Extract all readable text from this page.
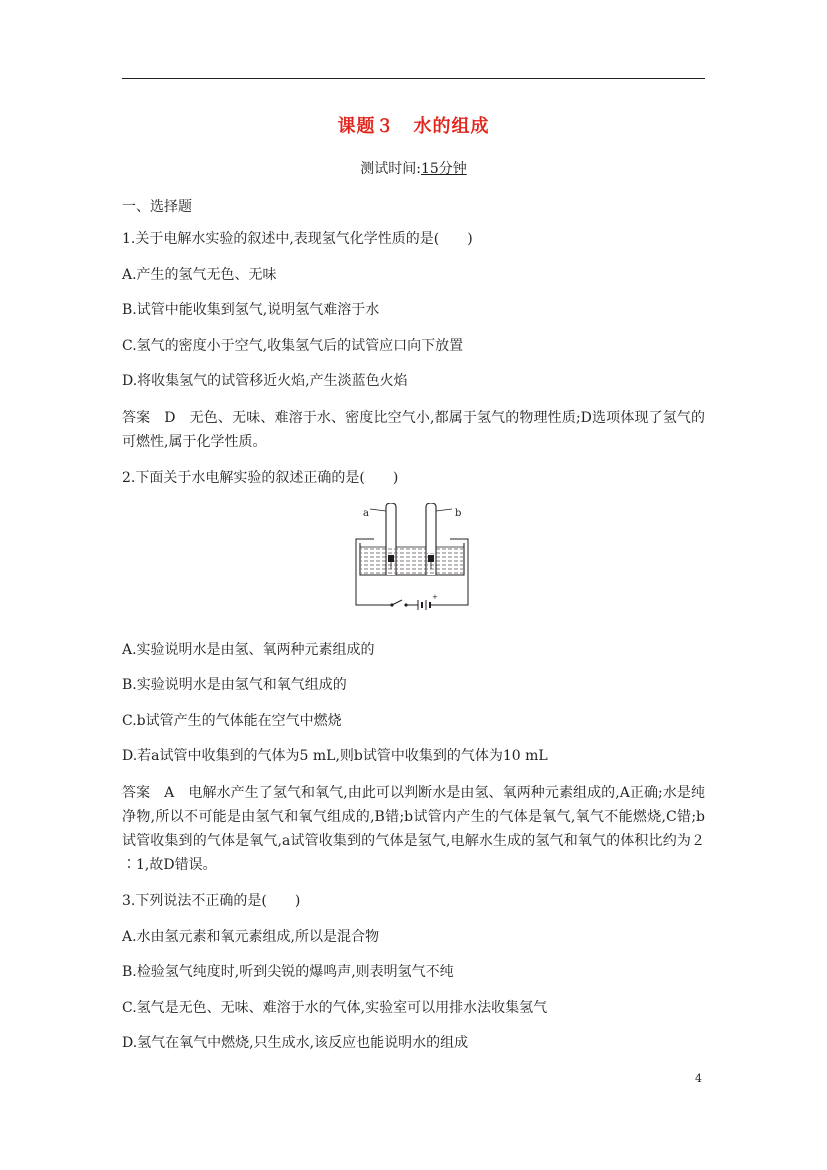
课题３　水的组成
测试时间:15分钟
一、选择题
1.关于电解水实验的叙述中,表现氢气化学性质的是(　　)
A.产生的氢气无色、无味
B.试管中能收集到氢气,说明氢气难溶于水
C.氢气的密度小于空气,收集氢气后的试管应口向下放置
D.将收集氢气的试管移近火焰,产生淡蓝色火焰
答案 D 无色、无味、难溶于水、密度比空气小,都属于氢气的物理性质;D选项体现了氢气的可燃性,属于化学性质。
2.下面关于水电解实验的叙述正确的是(　　)
+
a	b
A.实验说明水是由氢、氧两种元素组成的
B.实验说明水是由氢气和氧气组成的
C.b试管产生的气体能在空气中燃烧
D.若a试管中收集到的气体为5 mL,则b试管中收集到的气体为10 mL
答案 A 电解水产生了氢气和氧气,由此可以判断水是由氢、氧两种元素组成的,A正确;水是纯净物,所以不可能是由氢气和氧气组成的,B错;b试管内产生的气体是氧气,氧气不能燃烧,C错;b试管收集到的气体是氧气,a试管收集到的气体是氢气,电解水生成的氢气和氧气的体积比约为２∶1,故D错误。
3.下列说法不正确的是(　　)
A.水由氢元素和氧元素组成,所以是混合物
B.检验氢气纯度时,听到尖锐的爆鸣声,则表明氢气不纯
C.氢气是无色、无味、难溶于水的气体,实验室可以用排水法收集氢气
D.氢气在氧气中燃烧,只生成水,该反应也能说明水的组成
4
